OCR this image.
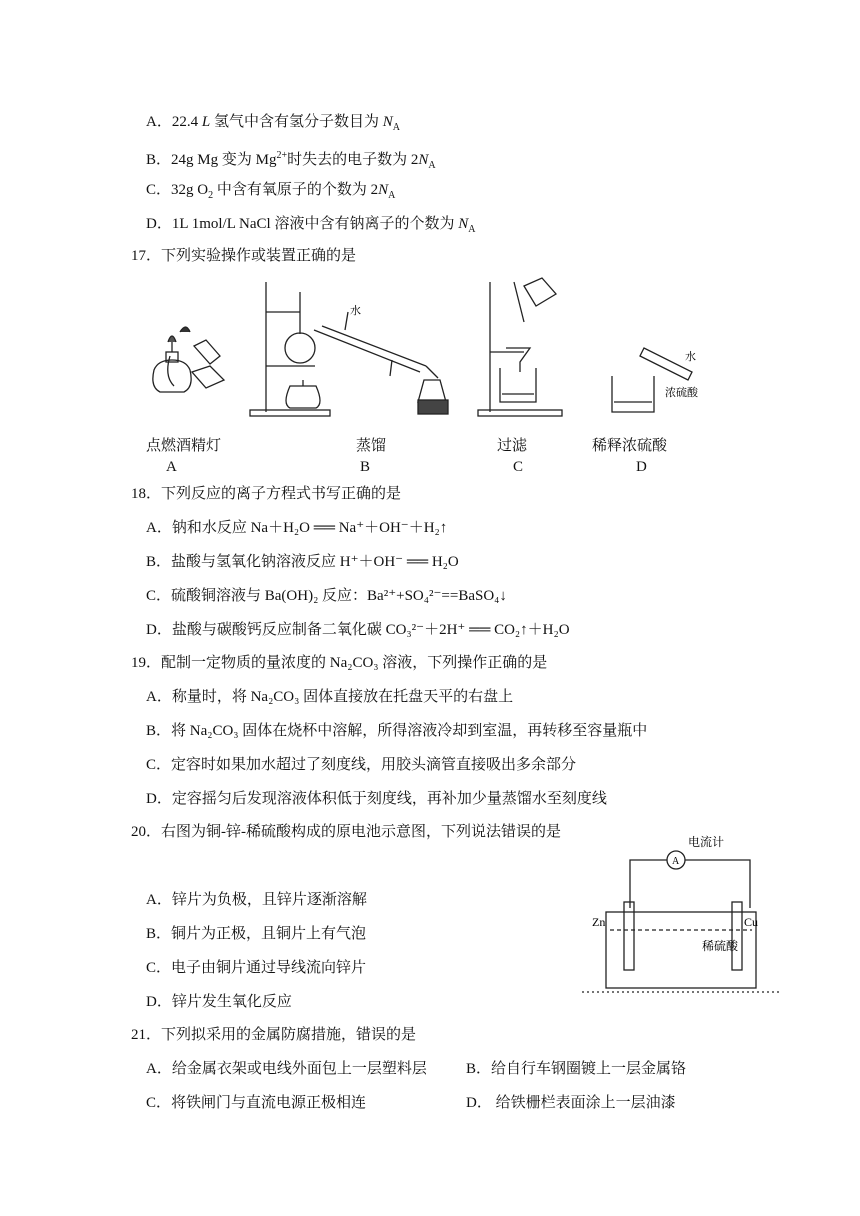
A．22.4 L 氢气中含有氢分子数目为 $N_A$
B．24g Mg 变为 $Mg^{2+}$时失去的电子数为 $2N_A$
C．32g $O_2$ 中含有氧原子的个数为 $2N_A$
D．1L 1mol/L NaCl 溶液中含有钠离子的个数为 $N_A$
17．下列实验操作或装置正确的是
水
水
浓硫酸
点燃酒精灯	蒸馏	过滤	稀释浓硫酸
A	B	C	D
18．下列反应的离子方程式书写正确的是
A．钠和水反应 Na＋H₂O ══ Na⁺＋OH⁻＋H₂↑
B．盐酸与氢氧化钠溶液反应 H⁺＋OH⁻ ══ H₂O
C．硫酸铜溶液与 Ba(OH)₂ 反应：Ba²⁺+SO₄²⁻==BaSO₄↓
D．盐酸与碳酸钙反应制备二氧化碳 CO₃²⁻＋2H⁺ ══ CO₂↑＋H₂O
19．配制一定物质的量浓度的 Na₂CO₃ 溶液，下列操作正确的是
A．称量时，将 Na₂CO₃ 固体直接放在托盘天平的右盘上
B．将 Na₂CO₃ 固体在烧杯中溶解，所得溶液冷却到室温，再转移至容量瓶中
C．定容时如果加水超过了刻度线，用胶头滴管直接吸出多余部分
D．定容摇匀后发现溶液体积低于刻度线，再补加少量蒸馏水至刻度线
20．右图为铜-锌-稀硫酸构成的原电池示意图，下列说法错误的是
A．锌片为负极，且锌片逐渐溶解
B．铜片为正极，且铜片上有气泡
C．电子由铜片通过导线流向锌片
D．锌片发生氧化反应
A
电流计
Zn	Cu
稀硫酸
21．下列拟采用的金属防腐措施，错误的是
A．给金属衣架或电线外面包上一层塑料层	B．给自行车钢圈镀上一层金属铬
C．将铁闸门与直流电源正极相连	D． 给铁栅栏表面涂上一层油漆
